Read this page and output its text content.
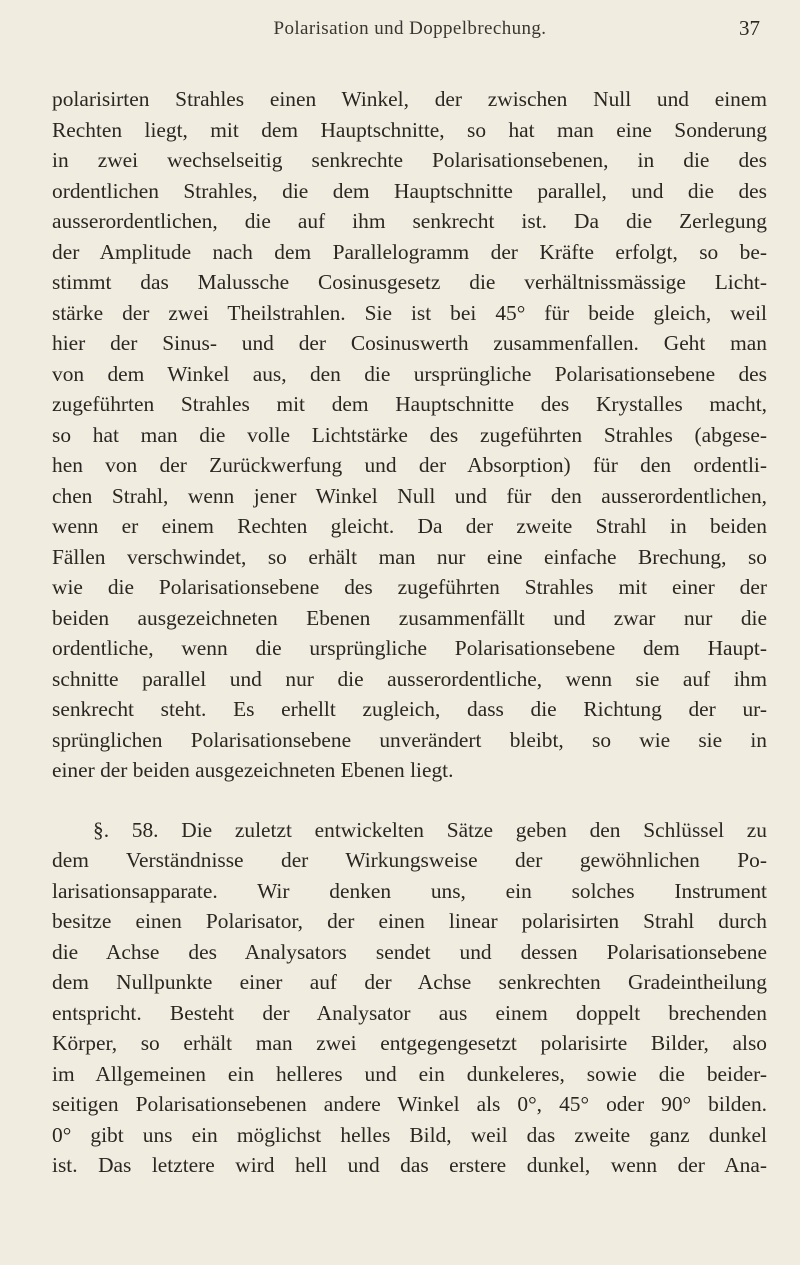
Polarisation und Doppelbrechung.	37

polarisirten Strahles einen Winkel, der zwischen Null und einem
Rechten liegt, mit dem Hauptschnitte, so hat man eine Sonderung
in zwei wechselseitig senkrechte Polarisationsebenen, in die des
ordentlichen Strahles, die dem Hauptschnitte parallel, und die des
ausserordentlichen, die auf ihm senkrecht ist. Da die Zerlegung
der Amplitude nach dem Parallelogramm der Kräfte erfolgt, so be-
stimmt das Malussche Cosinusgesetz die verhältnissmässige Licht-
stärke der zwei Theilstrahlen. Sie ist bei 45° für beide gleich, weil
hier der Sinus- und der Cosinuswerth zusammenfallen. Geht man
von dem Winkel aus, den die ursprüngliche Polarisationsebene des
zugeführten Strahles mit dem Hauptschnitte des Krystalles macht,
so hat man die volle Lichtstärke des zugeführten Strahles (abgese-
hen von der Zurückwerfung und der Absorption) für den ordentli-
chen Strahl, wenn jener Winkel Null und für den ausserordentlichen,
wenn er einem Rechten gleicht. Da der zweite Strahl in beiden
Fällen verschwindet, so erhält man nur eine einfache Brechung, so
wie die Polarisationsebene des zugeführten Strahles mit einer der
beiden ausgezeichneten Ebenen zusammenfällt und zwar nur die
ordentliche, wenn die ursprüngliche Polarisationsebene dem Haupt-
schnitte parallel und nur die ausserordentliche, wenn sie auf ihm
senkrecht steht. Es erhellt zugleich, dass die Richtung der ur-
sprünglichen Polarisationsebene unverändert bleibt, so wie sie in
einer der beiden ausgezeichneten Ebenen liegt.

§. 58. Die zuletzt entwickelten Sätze geben den Schlüssel zu
dem Verständnisse der Wirkungsweise der gewöhnlichen Po-
larisationsapparate. Wir denken uns, ein solches Instrument
besitze einen Polarisator, der einen linear polarisirten Strahl durch
die Achse des Analysators sendet und dessen Polarisationsebene
dem Nullpunkte einer auf der Achse senkrechten Gradeintheilung
entspricht. Besteht der Analysator aus einem doppelt brechenden
Körper, so erhält man zwei entgegengesetzt polarisirte Bilder, also
im Allgemeinen ein helleres und ein dunkeleres, sowie die beider-
seitigen Polarisationsebenen andere Winkel als 0°, 45° oder 90° bilden.
0° gibt uns ein möglichst helles Bild, weil das zweite ganz dunkel
ist. Das letztere wird hell und das erstere dunkel, wenn der Ana-
